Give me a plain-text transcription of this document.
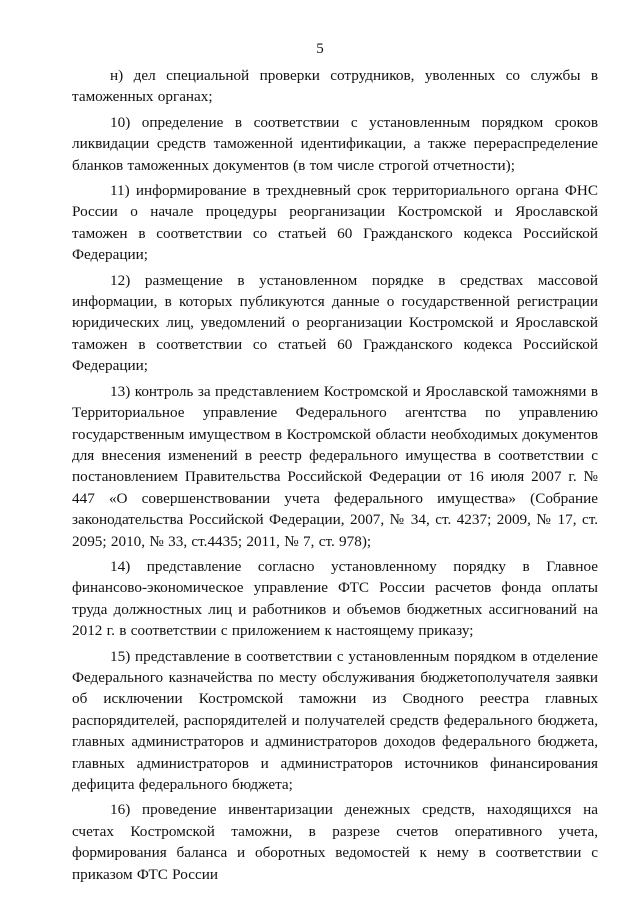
5

н) дел специальной проверки сотрудников, уволенных со службы в таможенных органах;

10) определение в соответствии с установленным порядком сроков ликвидации средств таможенной идентификации, а также перераспределение бланков таможенных документов (в том числе строгой отчетности);

11) информирование в трехдневный срок территориального органа ФНС России о начале процедуры реорганизации Костромской и Ярославской таможен в соответствии со статьей 60 Гражданского кодекса Российской Федерации;

12) размещение в установленном порядке в средствах массовой информации, в которых публикуются данные о государственной регистрации юридических лиц, уведомлений о реорганизации Костромской и Ярославской таможен в соответствии со статьей 60 Гражданского кодекса Российской Федерации;

13) контроль за представлением Костромской и Ярославской таможнями в Территориальное управление Федерального агентства по управлению государственным имуществом в Костромской области необходимых документов для внесения изменений в реестр федерального имущества в соответствии с постановлением Правительства Российской Федерации от 16 июля 2007 г. № 447 «О совершенствовании учета федерального имущества» (Собрание законодательства Российской Федерации, 2007, № 34, ст. 4237; 2009, № 17, ст. 2095; 2010, № 33, ст.4435; 2011, № 7, ст. 978);

14) представление согласно установленному порядку в Главное финансово-экономическое управление ФТС России расчетов фонда оплаты труда должностных лиц и работников и объемов бюджетных ассигнований на 2012 г. в соответствии с приложением к настоящему приказу;

15) представление в соответствии с установленным порядком в отделение Федерального казначейства по месту обслуживания бюджетополучателя заявки об исключении Костромской таможни из Сводного реестра главных распорядителей, распорядителей и получателей средств федерального бюджета, главных администраторов и администраторов доходов федерального бюджета, главных администраторов и администраторов источников финансирования дефицита федерального бюджета;

16) проведение инвентаризации денежных средств, находящихся на счетах Костромской таможни, в разрезе счетов оперативного учета, формирования баланса и оборотных ведомостей к нему в соответствии с приказом ФТС России
